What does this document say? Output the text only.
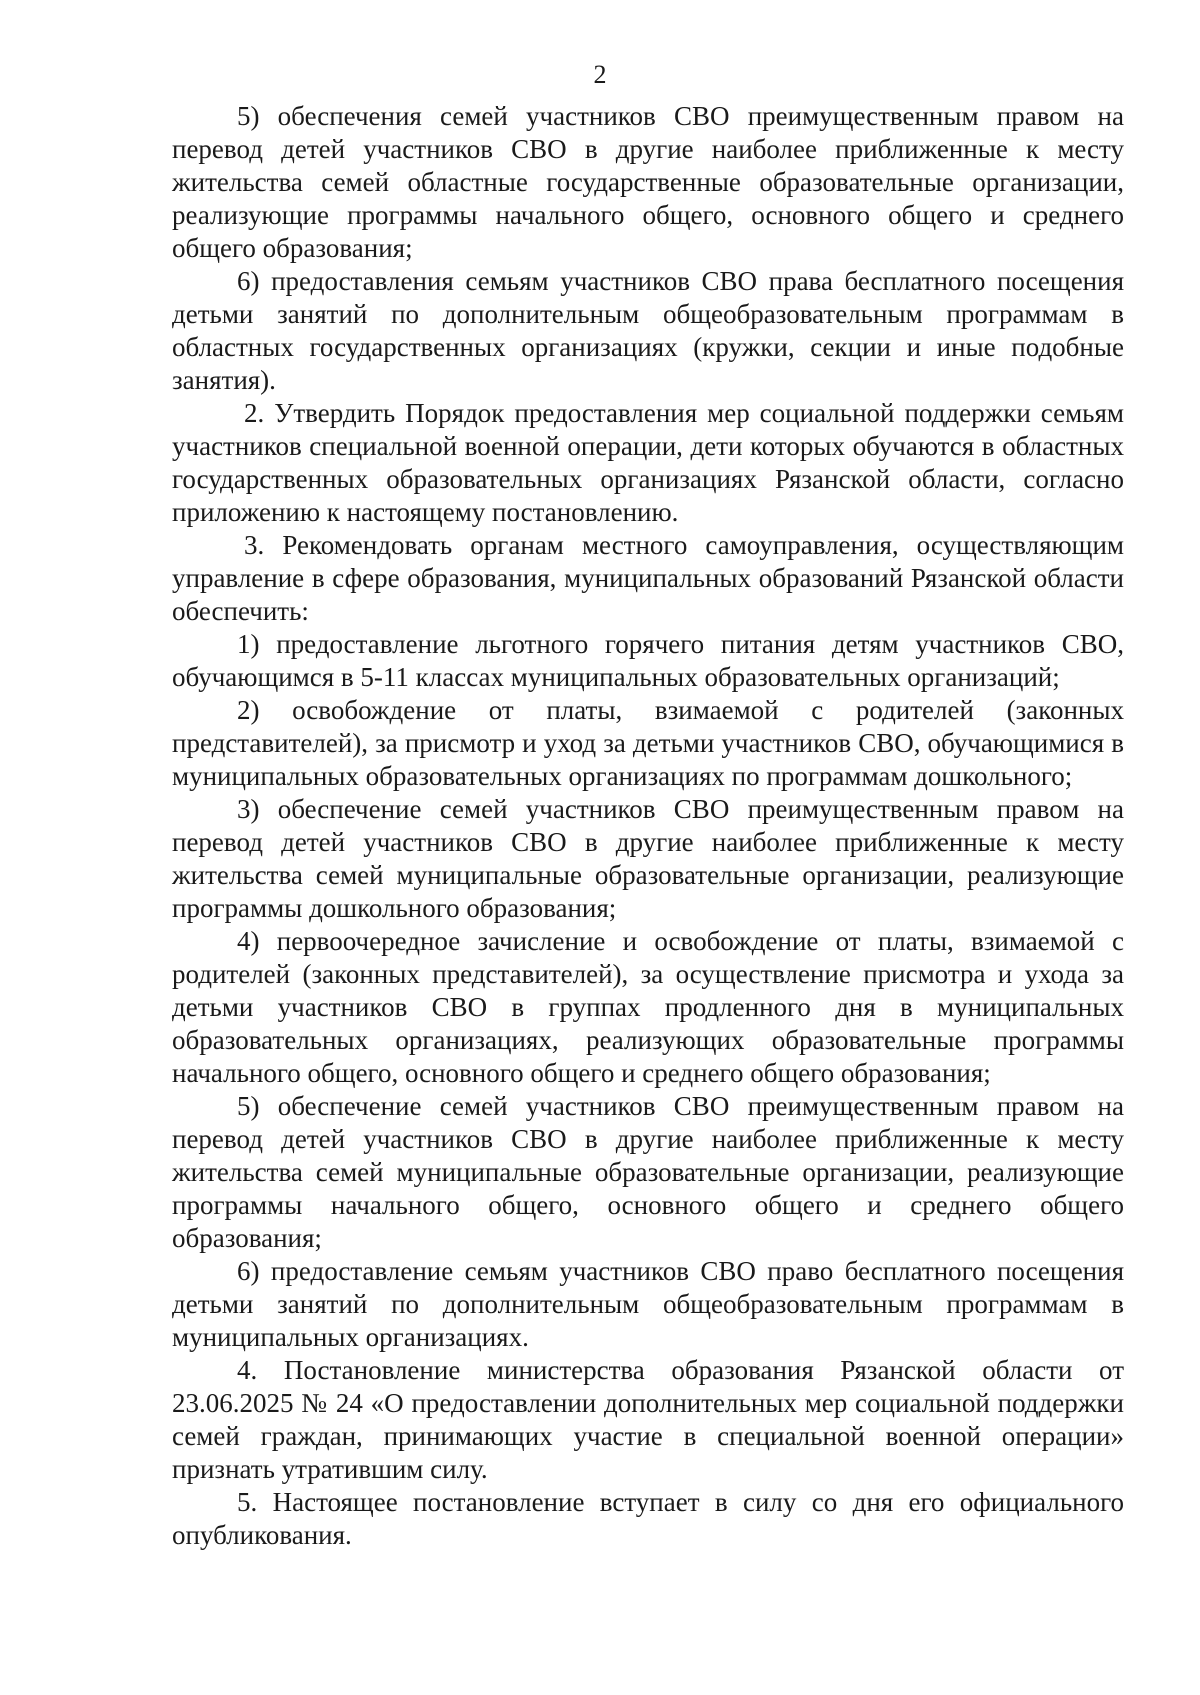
2

5) обеспечения семей участников СВО преимущественным правом на перевод детей участников СВО в другие наиболее приближенные к месту жительства семей областные государственные образовательные организации, реализующие программы начального общего, основного общего и среднего общего образования;

6) предоставления семьям участников СВО права бесплатного посещения детьми занятий по дополнительным общеобразовательным программам в областных государственных организациях (кружки, секции и иные подобные занятия).

2. Утвердить Порядок предоставления мер социальной поддержки семьям участников специальной военной операции, дети которых обучаются в областных государственных образовательных организациях Рязанской области, согласно приложению к настоящему постановлению.

3. Рекомендовать органам местного самоуправления, осуществляющим управление в сфере образования, муниципальных образований Рязанской области обеспечить:

1) предоставление льготного горячего питания детям участников СВО, обучающимся в 5-11 классах муниципальных образовательных организаций;

2) освобождение от платы, взимаемой с родителей (законных представителей), за присмотр и уход за детьми участников СВО, обучающимися в муниципальных образовательных организациях по программам дошкольного;

3) обеспечение семей участников СВО преимущественным правом на перевод детей участников СВО в другие наиболее приближенные к месту жительства семей муниципальные образовательные организации, реализующие программы дошкольного образования;

4) первоочередное зачисление и освобождение от платы, взимаемой с родителей (законных представителей), за осуществление присмотра и ухода за детьми участников СВО в группах продленного дня в муниципальных образовательных организациях, реализующих образовательные программы начального общего, основного общего и среднего общего образования;

5) обеспечение семей участников СВО преимущественным правом на перевод детей участников СВО в другие наиболее приближенные к месту жительства семей муниципальные образовательные организации, реализующие программы начального общего, основного общего и среднего общего образования;

6) предоставление семьям участников СВО право бесплатного посещения детьми занятий по дополнительным общеобразовательным программам в муниципальных организациях.

4. Постановление министерства образования Рязанской области от 23.06.2025 № 24 «О предоставлении дополнительных мер социальной поддержки семей граждан, принимающих участие в специальной военной операции» признать утратившим силу.

5. Настоящее постановление вступает в силу со дня его официального опубликования.
